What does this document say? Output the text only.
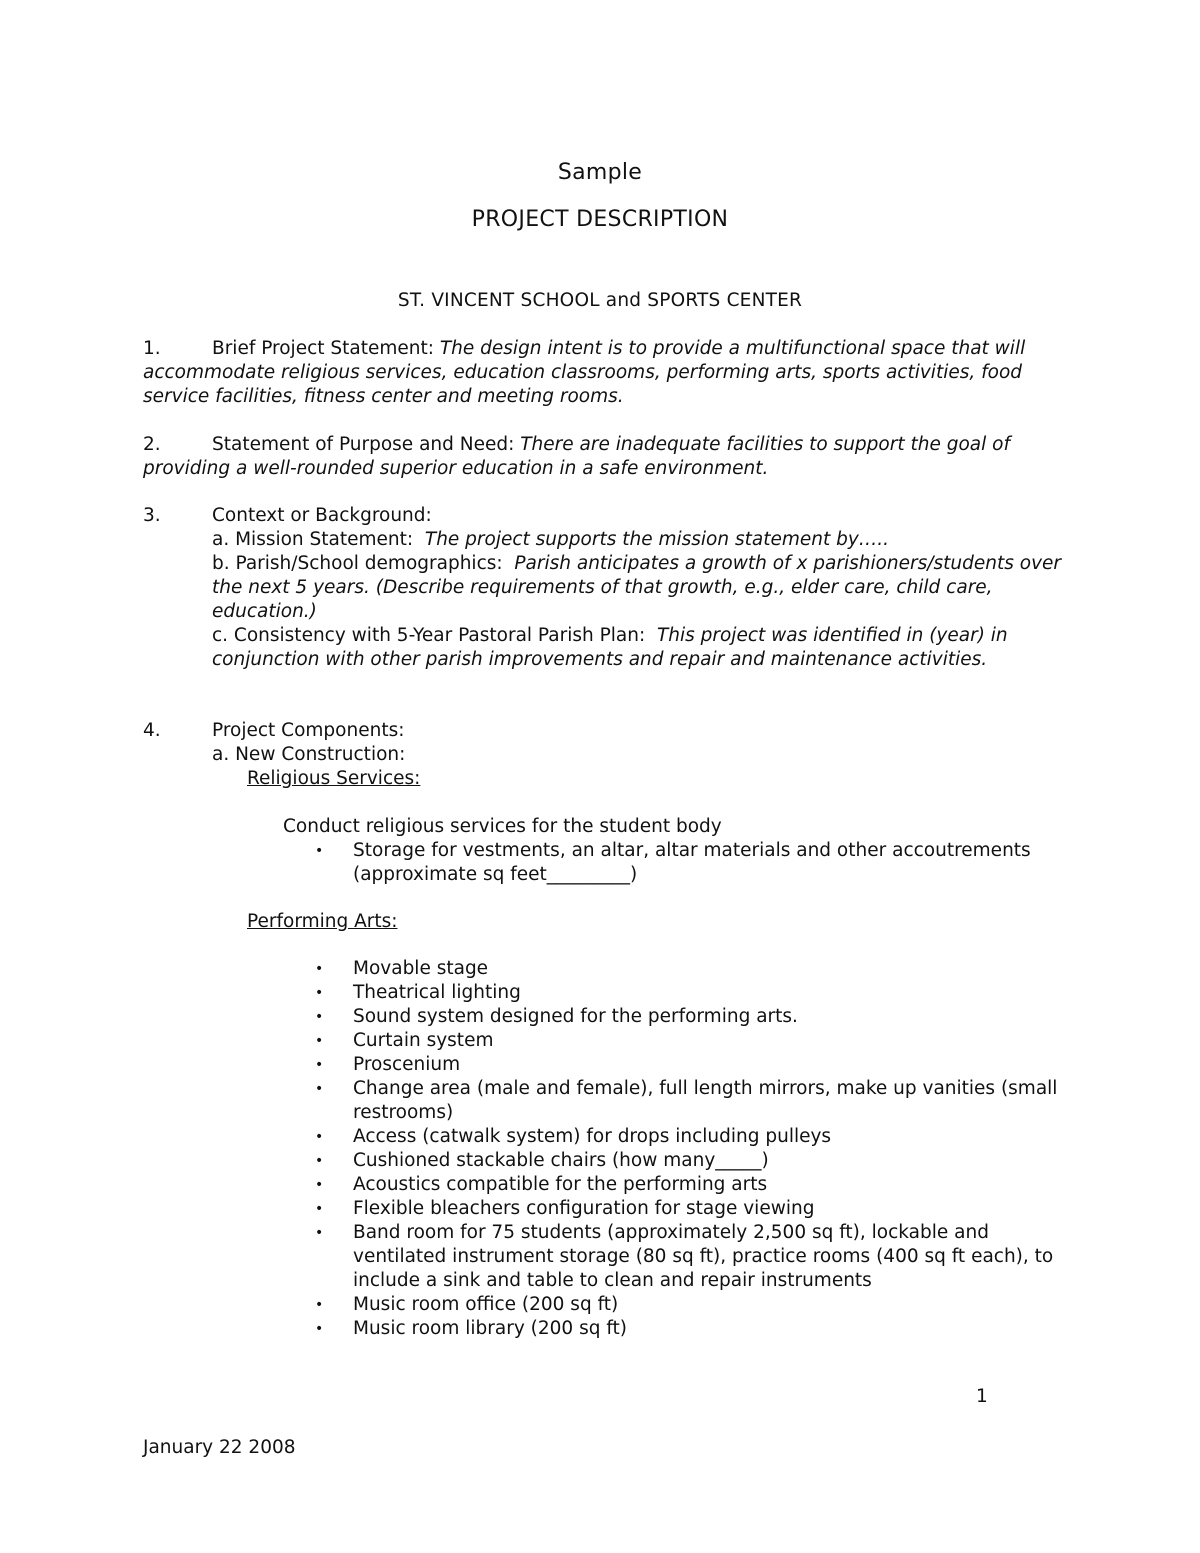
Sample
PROJECT DESCRIPTION
ST. VINCENT SCHOOL and SPORTS CENTER

1.	Brief Project Statement: The design intent is to provide a multifunctional space that will accommodate religious services, education classrooms, performing arts, sports activities, food service facilities, fitness center and meeting rooms.

2.	Statement of Purpose and Need: There are inadequate facilities to support the goal of providing a well-rounded superior education in a safe environment.

3.	Context or Background:

a. Mission Statement: The project supports the mission statement by…..

b. Parish/School demographics: Parish anticipates a growth of x parishioners/students over the next 5 years. (Describe requirements of that growth, e.g., elder care, child care, education.)

c. Consistency with 5-Year Pastoral Parish Plan: This project was identified in (year) in conjunction with other parish improvements and repair and maintenance activities.

4.	Project Components:

a. New Construction:

Religious Services:

Conduct religious services for the student body

• Storage for vestments, an altar, altar materials and other accoutrements (approximate sq feet_________)

Performing Arts:

• Movable stage
• Theatrical lighting
• Sound system designed for the performing arts.
• Curtain system
• Proscenium
• Change area (male and female), full length mirrors, make up vanities (small restrooms)
• Access (catwalk system) for drops including pulleys
• Cushioned stackable chairs (how many_____)
• Acoustics compatible for the performing arts
• Flexible bleachers configuration for stage viewing
• Band room for 75 students (approximately 2,500 sq ft), lockable and ventilated instrument storage (80 sq ft), practice rooms (400 sq ft each), to include a sink and table to clean and repair instruments
• Music room office (200 sq ft)
• Music room library (200 sq ft)
1
January 22 2008
